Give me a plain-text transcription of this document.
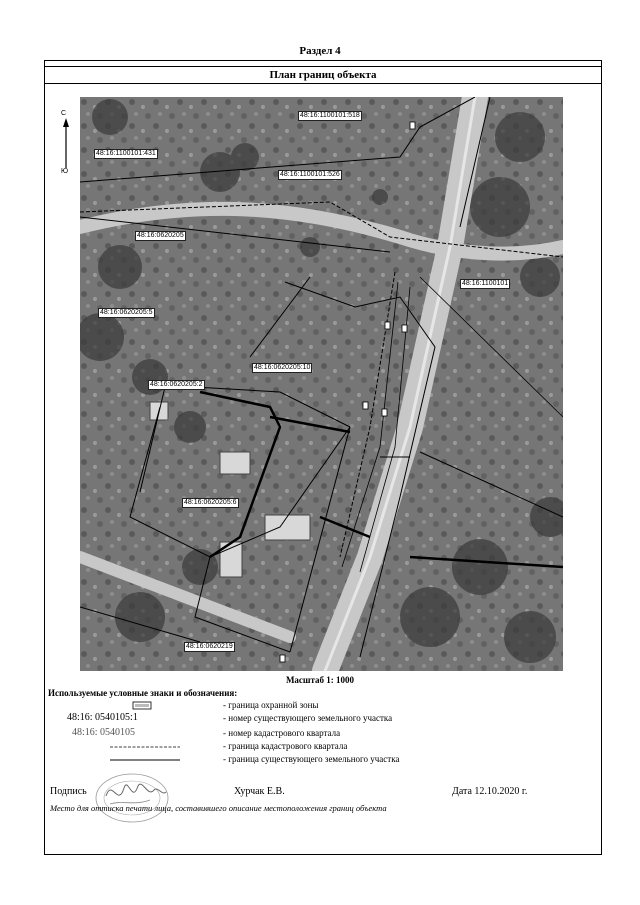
Раздел 4
План границ объекта
С
Ю
48:16:1100101:518
48:16:1100101:431
48:16:1100101:526
48:16:0620205
48:16:1100101
48:16:0620205:5
48:16:0620205:10
48:16:0620205:2
48:16:0620205:6
48:16:0620219
Масштаб 1: 1000
Используемые условные знаки и обозначения:
- граница охранной зоны
48:16: 0540105:1	- номер существующего земельного участка
48:16: 0540105	- номер кадастрового квартала
- граница кадастрового квартала
- граница существующего земельного участка
Подпись	Хурчак Е.В.	Дата 12.10.2020 г.
Место для оттиска печати лица, составившего описание местоположения границ объекта
